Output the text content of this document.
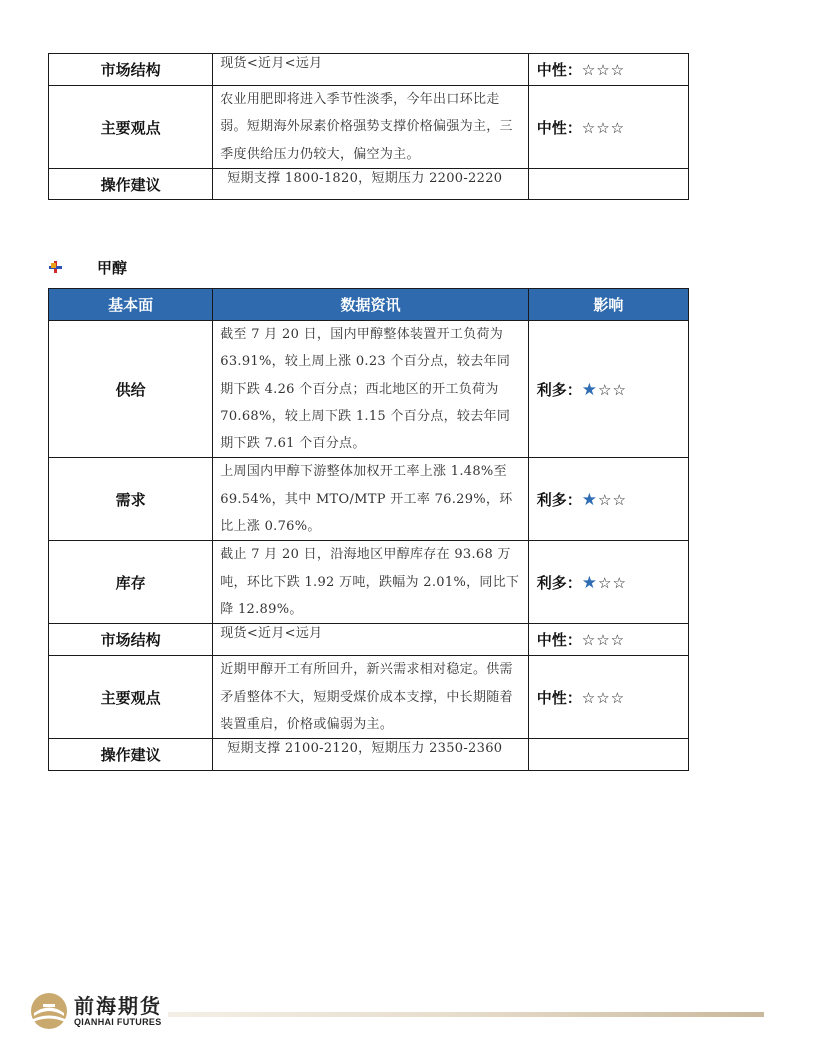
市场结构	现货<近月<远月	中性：☆☆☆
主要观点	农业用肥即将进入季节性淡季，今年出口环比走弱。短期海外尿素价格强势支撑价格偏强为主，三季度供给压力仍较大，偏空为主。	中性：☆☆☆
操作建议	短期支撑 1800-1820，短期压力 2200-2220	
甲醇
基本面	数据资讯	影响
供给	截至 7 月 20 日，国内甲醇整体装置开工负荷为 63.91%，较上周上涨 0.23 个百分点，较去年同期下跌 4.26 个百分点；西北地区的开工负荷为 70.68%，较上周下跌 1.15 个百分点，较去年同期下跌 7.61 个百分点。	利多：★☆☆
需求	上周国内甲醇下游整体加权开工率上涨 1.48%至 69.54%，其中 MTO/MTP 开工率 76.29%，环比上涨 0.76%。	利多：★☆☆
库存	截止 7 月 20 日，沿海地区甲醇库存在 93.68 万吨，环比下跌 1.92 万吨，跌幅为 2.01%，同比下降 12.89%。	利多：★☆☆
市场结构	现货<近月<远月	中性：☆☆☆
主要观点	近期甲醇开工有所回升，新兴需求相对稳定。供需矛盾整体不大，短期受煤价成本支撑，中长期随着装置重启，价格或偏弱为主。	中性：☆☆☆
操作建议	短期支撑 2100-2120，短期压力 2350-2360	
前海期货
QIANHAI FUTURES
